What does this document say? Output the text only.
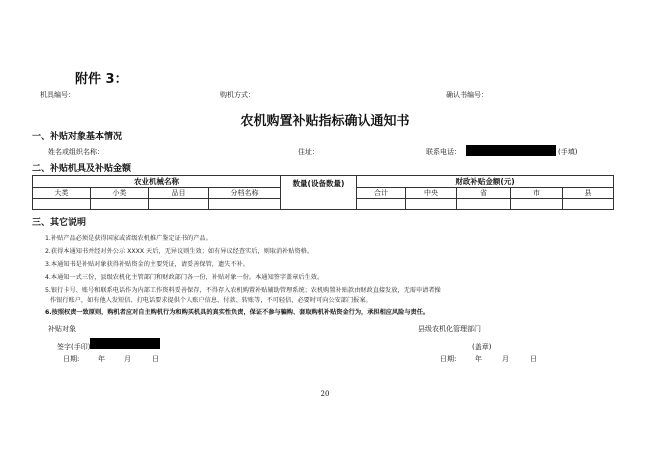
附件 3：
机具编号：	购机方式：	确认书编号：
农机购置补贴指标确认通知书
一、补贴对象基本情况
姓名或组织名称：	住址：	联系电话：	(手填)
二、补贴机具及补贴金额
农业机械名称				数量(设备数量)	财政补贴金额(元)				
大类	小类	品目	分档名称		合计	中央	省	市	县

三、其它说明
1.补贴产品必须是获得国家或省级农机推广鉴定证书的产品。
2.获得本通知书并经对外公示 XXXX 天后，无异议则生效；如有异议经查实后，则取消补贴资格。
3.本通知书是补贴对象获得补贴资金的主要凭证，请妥善保管，遗失不补。
4.本通知一式三份，县级农机化主管部门和财政部门各一份，补贴对象一份。本通知签字盖章后生效。
5.银行卡号、账号和联系电话作为内部工作资料妥善保存，不得存入农机购置补贴辅助管理系统；农机购置补贴款由财政直接发放，无需申请者操
作银行账户，如有他人发短信、打电话要求提供个人账户信息、付款、转账等，不可轻信，必要时可向公安部门报案。
6.按照权责一致原则，购机者应对自主购机行为和购买机具的真实性负责，保证不参与骗购、套取购机补贴资金行为，承担相应风险与责任。
补贴对象	县级农机化管理部门
签字(手印)	(盖章)
日期:	年	月	日	日期:	年	月	日
20
